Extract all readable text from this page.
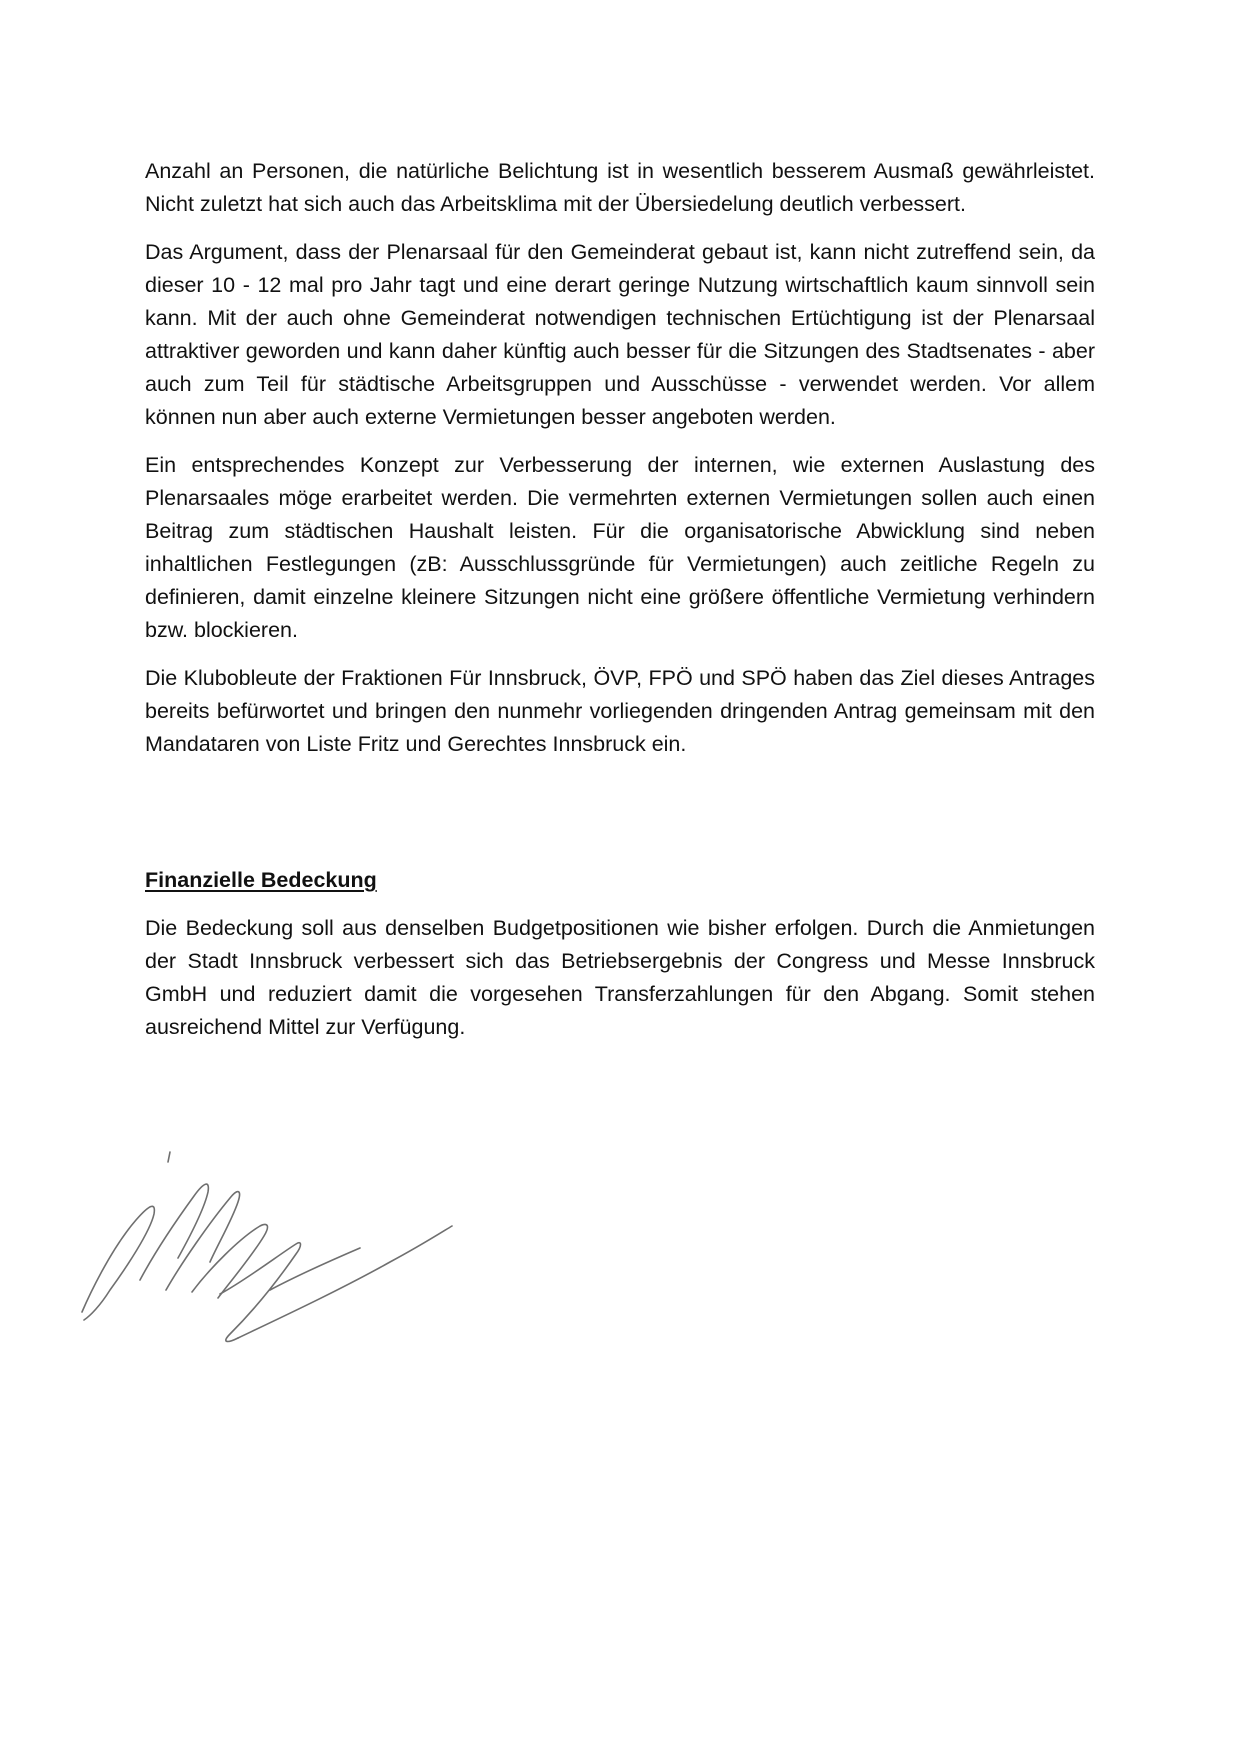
Anzahl an Personen, die natürliche Belichtung ist in wesentlich besserem Ausmaß gewährleistet. Nicht zuletzt hat sich auch das Arbeitsklima mit der Übersiedelung deutlich verbessert.

Das Argument, dass der Plenarsaal für den Gemeinderat gebaut ist, kann nicht zutreffend sein, da dieser 10 - 12 mal pro Jahr tagt und eine derart geringe Nutzung wirtschaftlich kaum sinnvoll sein kann. Mit der auch ohne Gemeinderat notwendigen technischen Ertüchtigung ist der Plenarsaal attraktiver geworden und kann daher künftig auch besser für die Sitzungen des Stadtsenates - aber auch zum Teil für städtische Arbeitsgruppen und Ausschüsse - verwendet werden. Vor allem können nun aber auch externe Vermietungen besser angeboten werden.

Ein entsprechendes Konzept zur Verbesserung der internen, wie externen Auslastung des Plenarsaales möge erarbeitet werden. Die vermehrten externen Vermietungen sollen auch einen Beitrag zum städtischen Haushalt leisten. Für die organisatorische Abwicklung sind neben inhaltlichen Festlegungen (zB: Ausschlussgründe für Vermietungen) auch zeitliche Regeln zu definieren, damit einzelne kleinere Sitzungen nicht eine größere öffentliche Vermietung verhindern bzw. blockieren.

Die Klubobleute der Fraktionen Für Innsbruck, ÖVP, FPÖ und SPÖ haben das Ziel dieses Antrages bereits befürwortet und bringen den nunmehr vorliegenden dringenden Antrag gemeinsam mit den Mandataren von Liste Fritz und Gerechtes Innsbruck ein.

Finanzielle Bedeckung

Die Bedeckung soll aus denselben Budgetpositionen wie bisher erfolgen. Durch die Anmietungen der Stadt Innsbruck verbessert sich das Betriebsergebnis der Congress und Messe Innsbruck GmbH und reduziert damit die vorgesehen Transferzahlungen für den Abgang. Somit stehen ausreichend Mittel zur Verfügung.
